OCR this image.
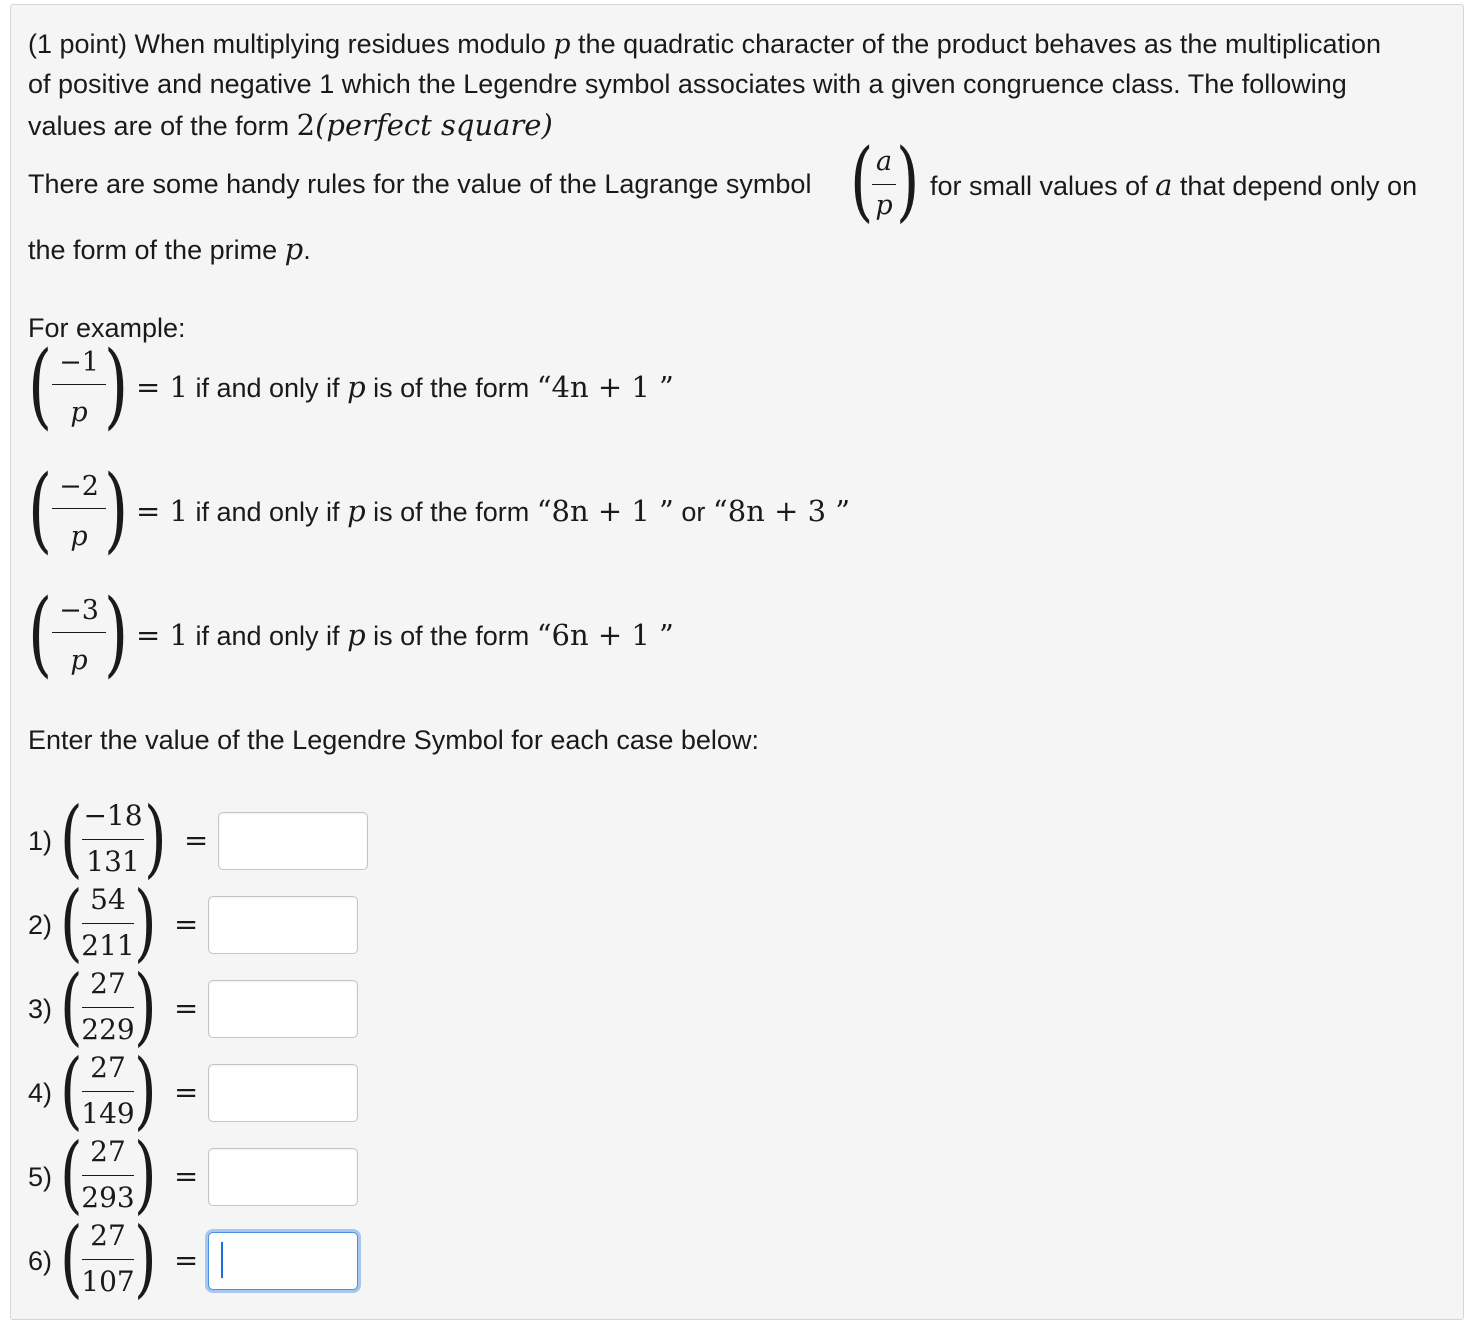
(1 point) When multiplying residues modulo p the quadratic character of the product behaves as the multiplication
of positive and negative 1 which the Legendre symbol associates with a given congruence class. The following
values are of the form 2(perfect square)
There are some handy rules for the value of the Lagrange symbol ( a
p ) for small values of a that depend only on
the form of the prime p.
For example:
( −1
p ) = 1 if and only if p is of the form “4n + 1 ”
( −2
p ) = 1 if and only if p is of the form “8n + 1 ” or “8n + 3 ”
( −3
p ) = 1 if and only if p is of the form “6n + 1 ”
Enter the value of the Legendre Symbol for each case below:
1) ( −18
131 ) =
2) ( 54
211 ) =
3) ( 27
229 ) =
4) ( 27
149 ) =
5) ( 27
293 ) =
6) ( 27
107 ) =
